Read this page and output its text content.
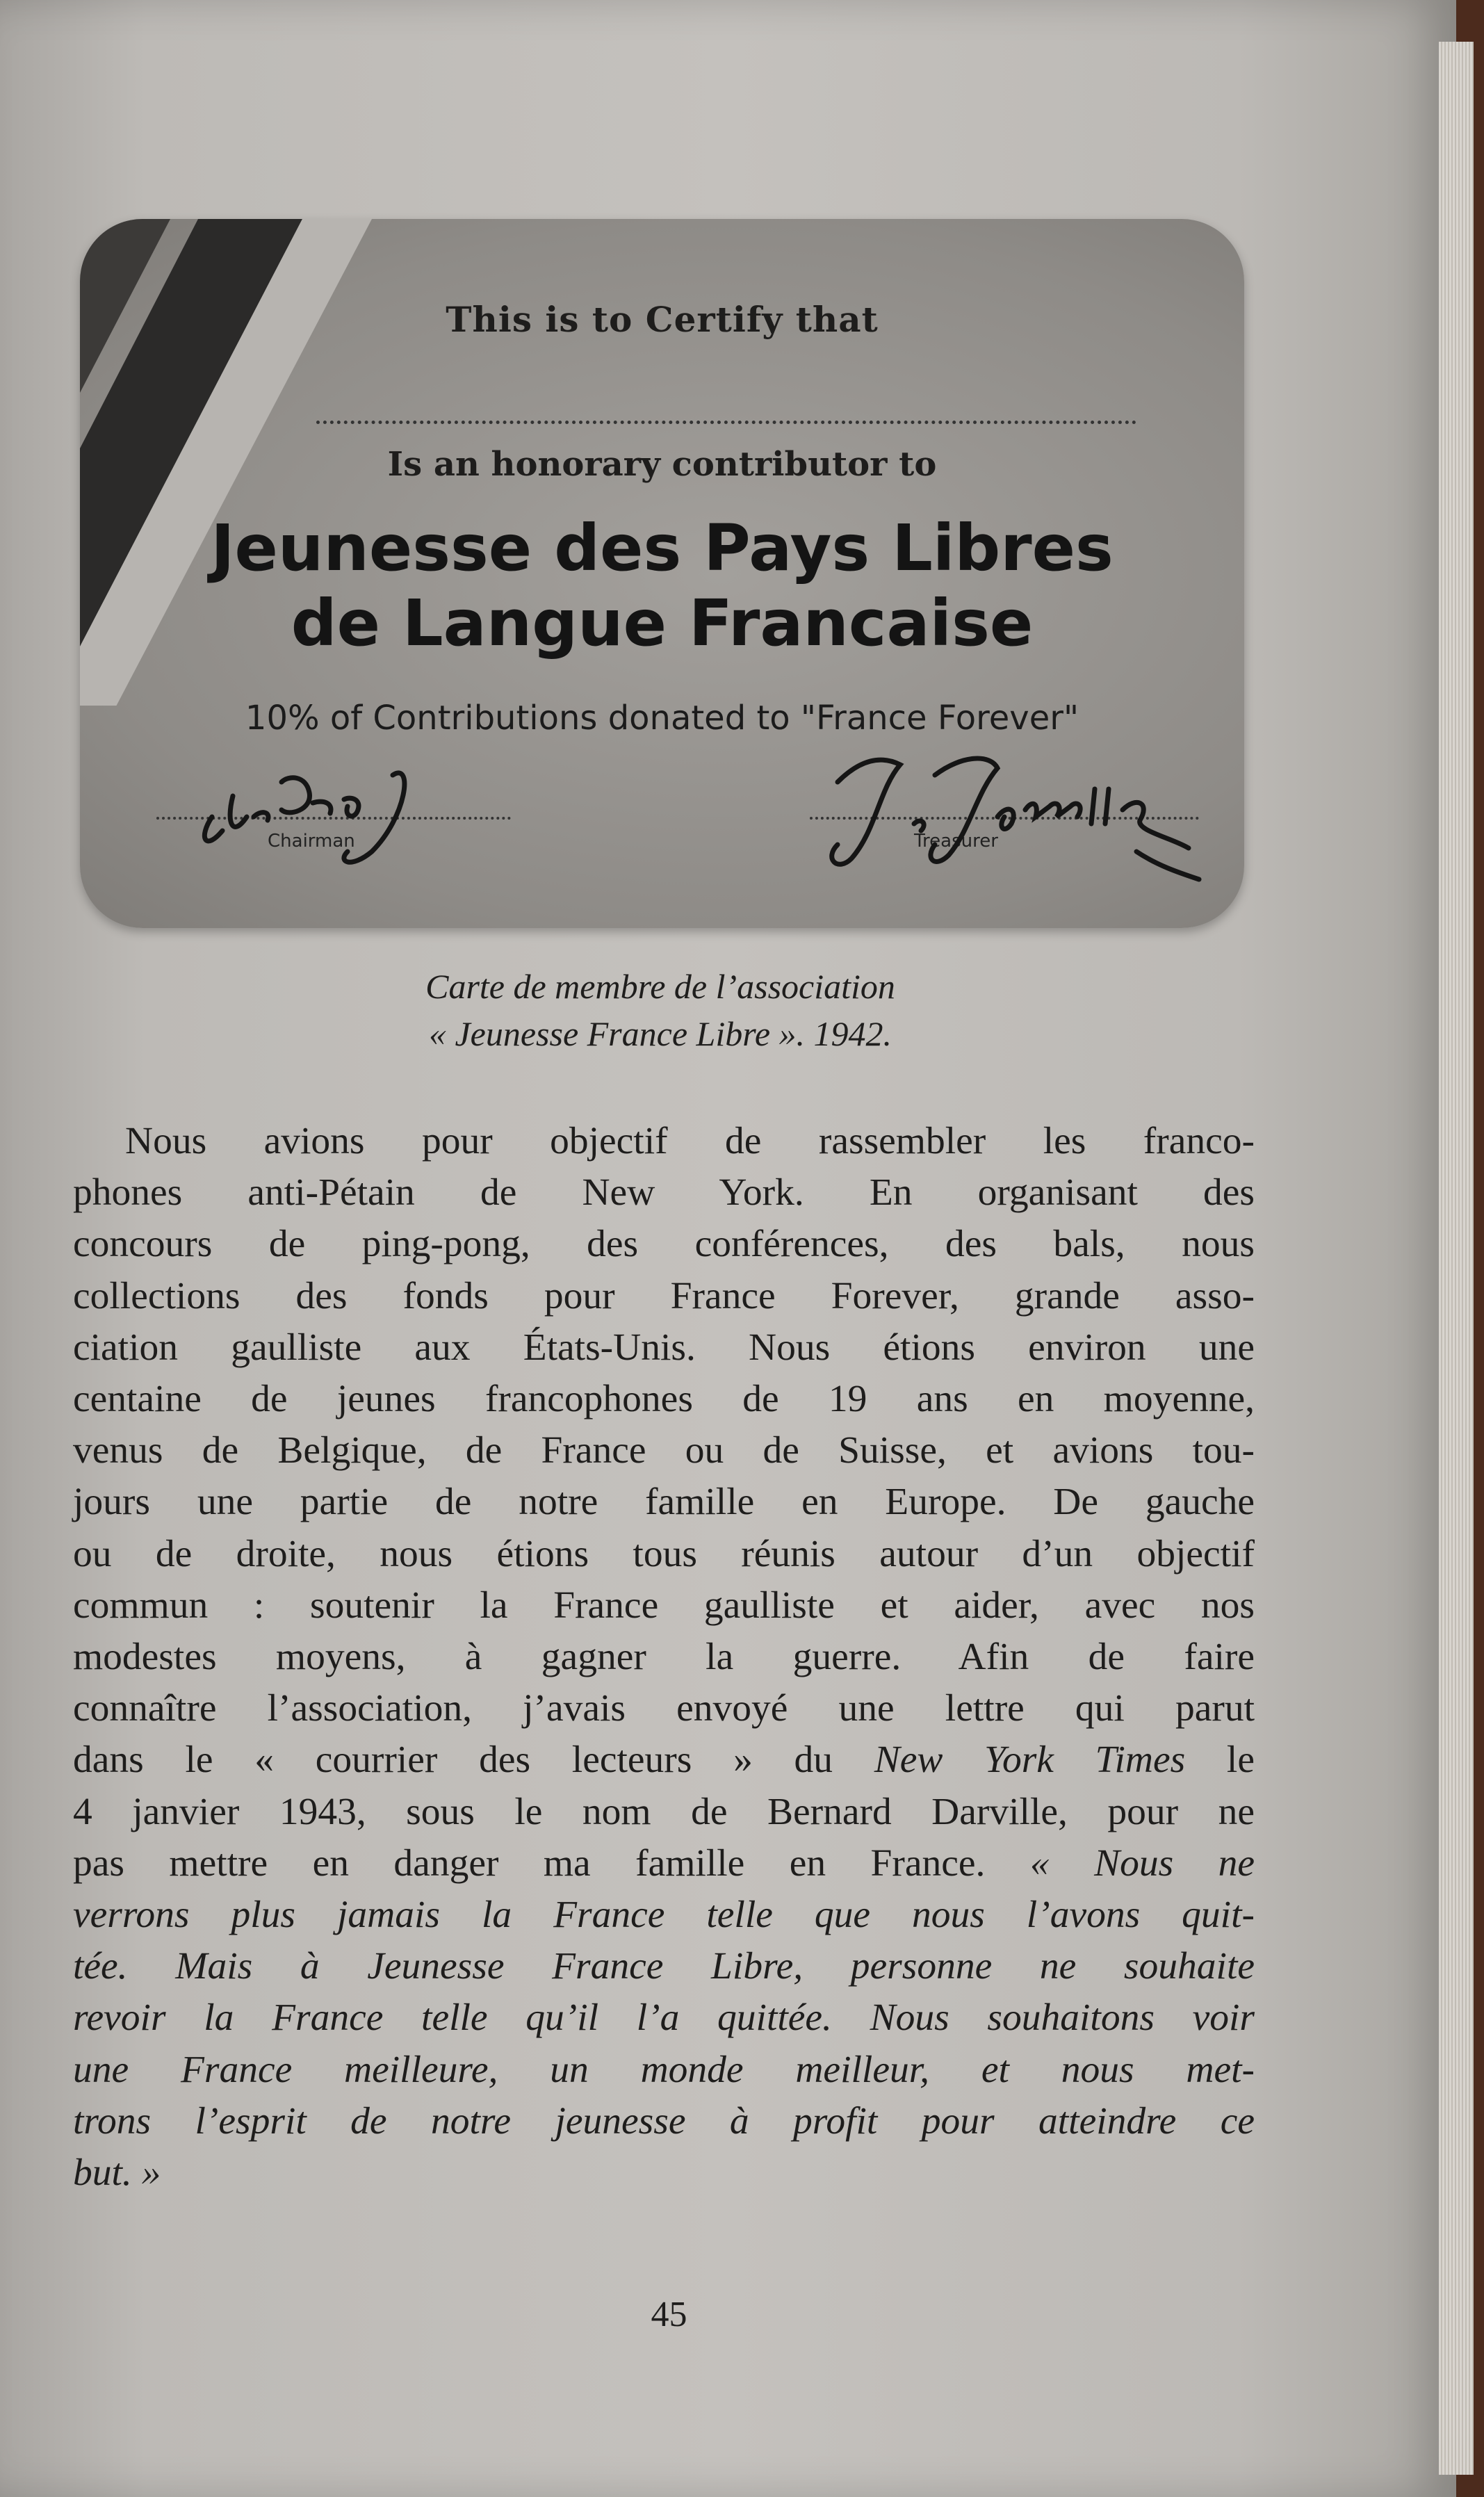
This is to Certify that
Is an honorary contributor to
Jeunesse des Pays Libres
de Langue Francaise
10% of Contributions donated to "France Forever"
Chairman	Treasurer
Carte de membre de l’association
« Jeunesse France Libre ». 1942.
Nous avions pour objectif de rassembler les franco-
phones anti-Pétain de New York. En organisant des
concours de ping-pong, des conférences, des bals, nous
collections des fonds pour France Forever, grande asso-
ciation gaulliste aux États-Unis. Nous étions environ une
centaine de jeunes francophones de 19 ans en moyenne,
venus de Belgique, de France ou de Suisse, et avions tou-
jours une partie de notre famille en Europe. De gauche
ou de droite, nous étions tous réunis autour d’un objectif
commun : soutenir la France gaulliste et aider, avec nos
modestes moyens, à gagner la guerre. Afin de faire
connaître l’association, j’avais envoyé une lettre qui parut
dans le « courrier des lecteurs » du New York Times le
4 janvier 1943, sous le nom de Bernard Darville, pour ne
pas mettre en danger ma famille en France. « Nous ne
verrons plus jamais la France telle que nous l’avons quit-
tée. Mais à Jeunesse France Libre, personne ne souhaite
revoir la France telle qu’il l’a quittée. Nous souhaitons voir
une France meilleure, un monde meilleur, et nous met-
trons l’esprit de notre jeunesse à profit pour atteindre ce
but. »
45
